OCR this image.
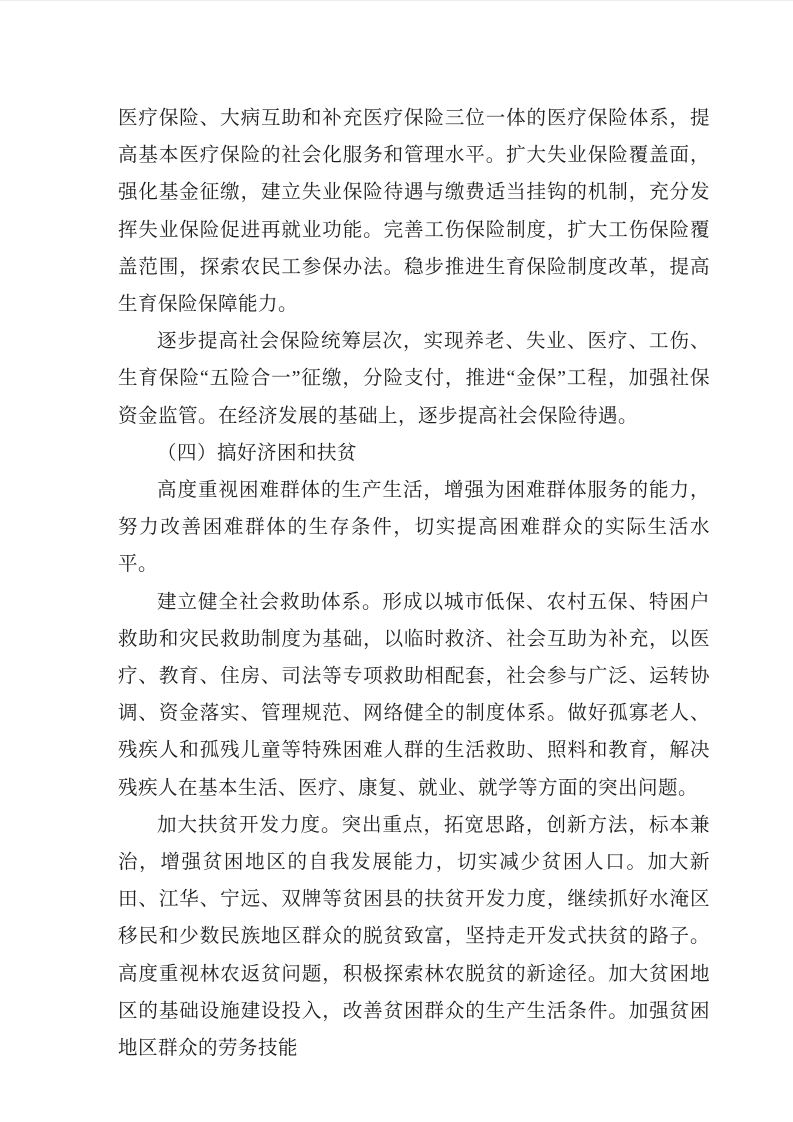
医疗保险、大病互助和补充医疗保险三位一体的医疗保险体系，提高基本医疗保险的社会化服务和管理水平。扩大失业保险覆盖面，强化基金征缴，建立失业保险待遇与缴费适当挂钩的机制，充分发挥失业保险促进再就业功能。完善工伤保险制度，扩大工伤保险覆盖范围，探索农民工参保办法。稳步推进生育保险制度改革，提高生育保险保障能力。

逐步提高社会保险统筹层次，实现养老、失业、医疗、工伤、生育保险“五险合一”征缴，分险支付，推进“金保”工程，加强社保资金监管。在经济发展的基础上，逐步提高社会保险待遇。

（四）搞好济困和扶贫

高度重视困难群体的生产生活，增强为困难群体服务的能力，努力改善困难群体的生存条件，切实提高困难群众的实际生活水平。

建立健全社会救助体系。形成以城市低保、农村五保、特困户救助和灾民救助制度为基础，以临时救济、社会互助为补充，以医疗、教育、住房、司法等专项救助相配套，社会参与广泛、运转协调、资金落实、管理规范、网络健全的制度体系。做好孤寡老人、残疾人和孤残儿童等特殊困难人群的生活救助、照料和教育，解决残疾人在基本生活、医疗、康复、就业、就学等方面的突出问题。

加大扶贫开发力度。突出重点，拓宽思路，创新方法，标本兼治，增强贫困地区的自我发展能力，切实减少贫困人口。加大新田、江华、宁远、双牌等贫困县的扶贫开发力度，继续抓好水淹区移民和少数民族地区群众的脱贫致富，坚持走开发式扶贫的路子。高度重视林农返贫问题，积极探索林农脱贫的新途径。加大贫困地区的基础设施建设投入，改善贫困群众的生产生活条件。加强贫困地区群众的劳务技能
